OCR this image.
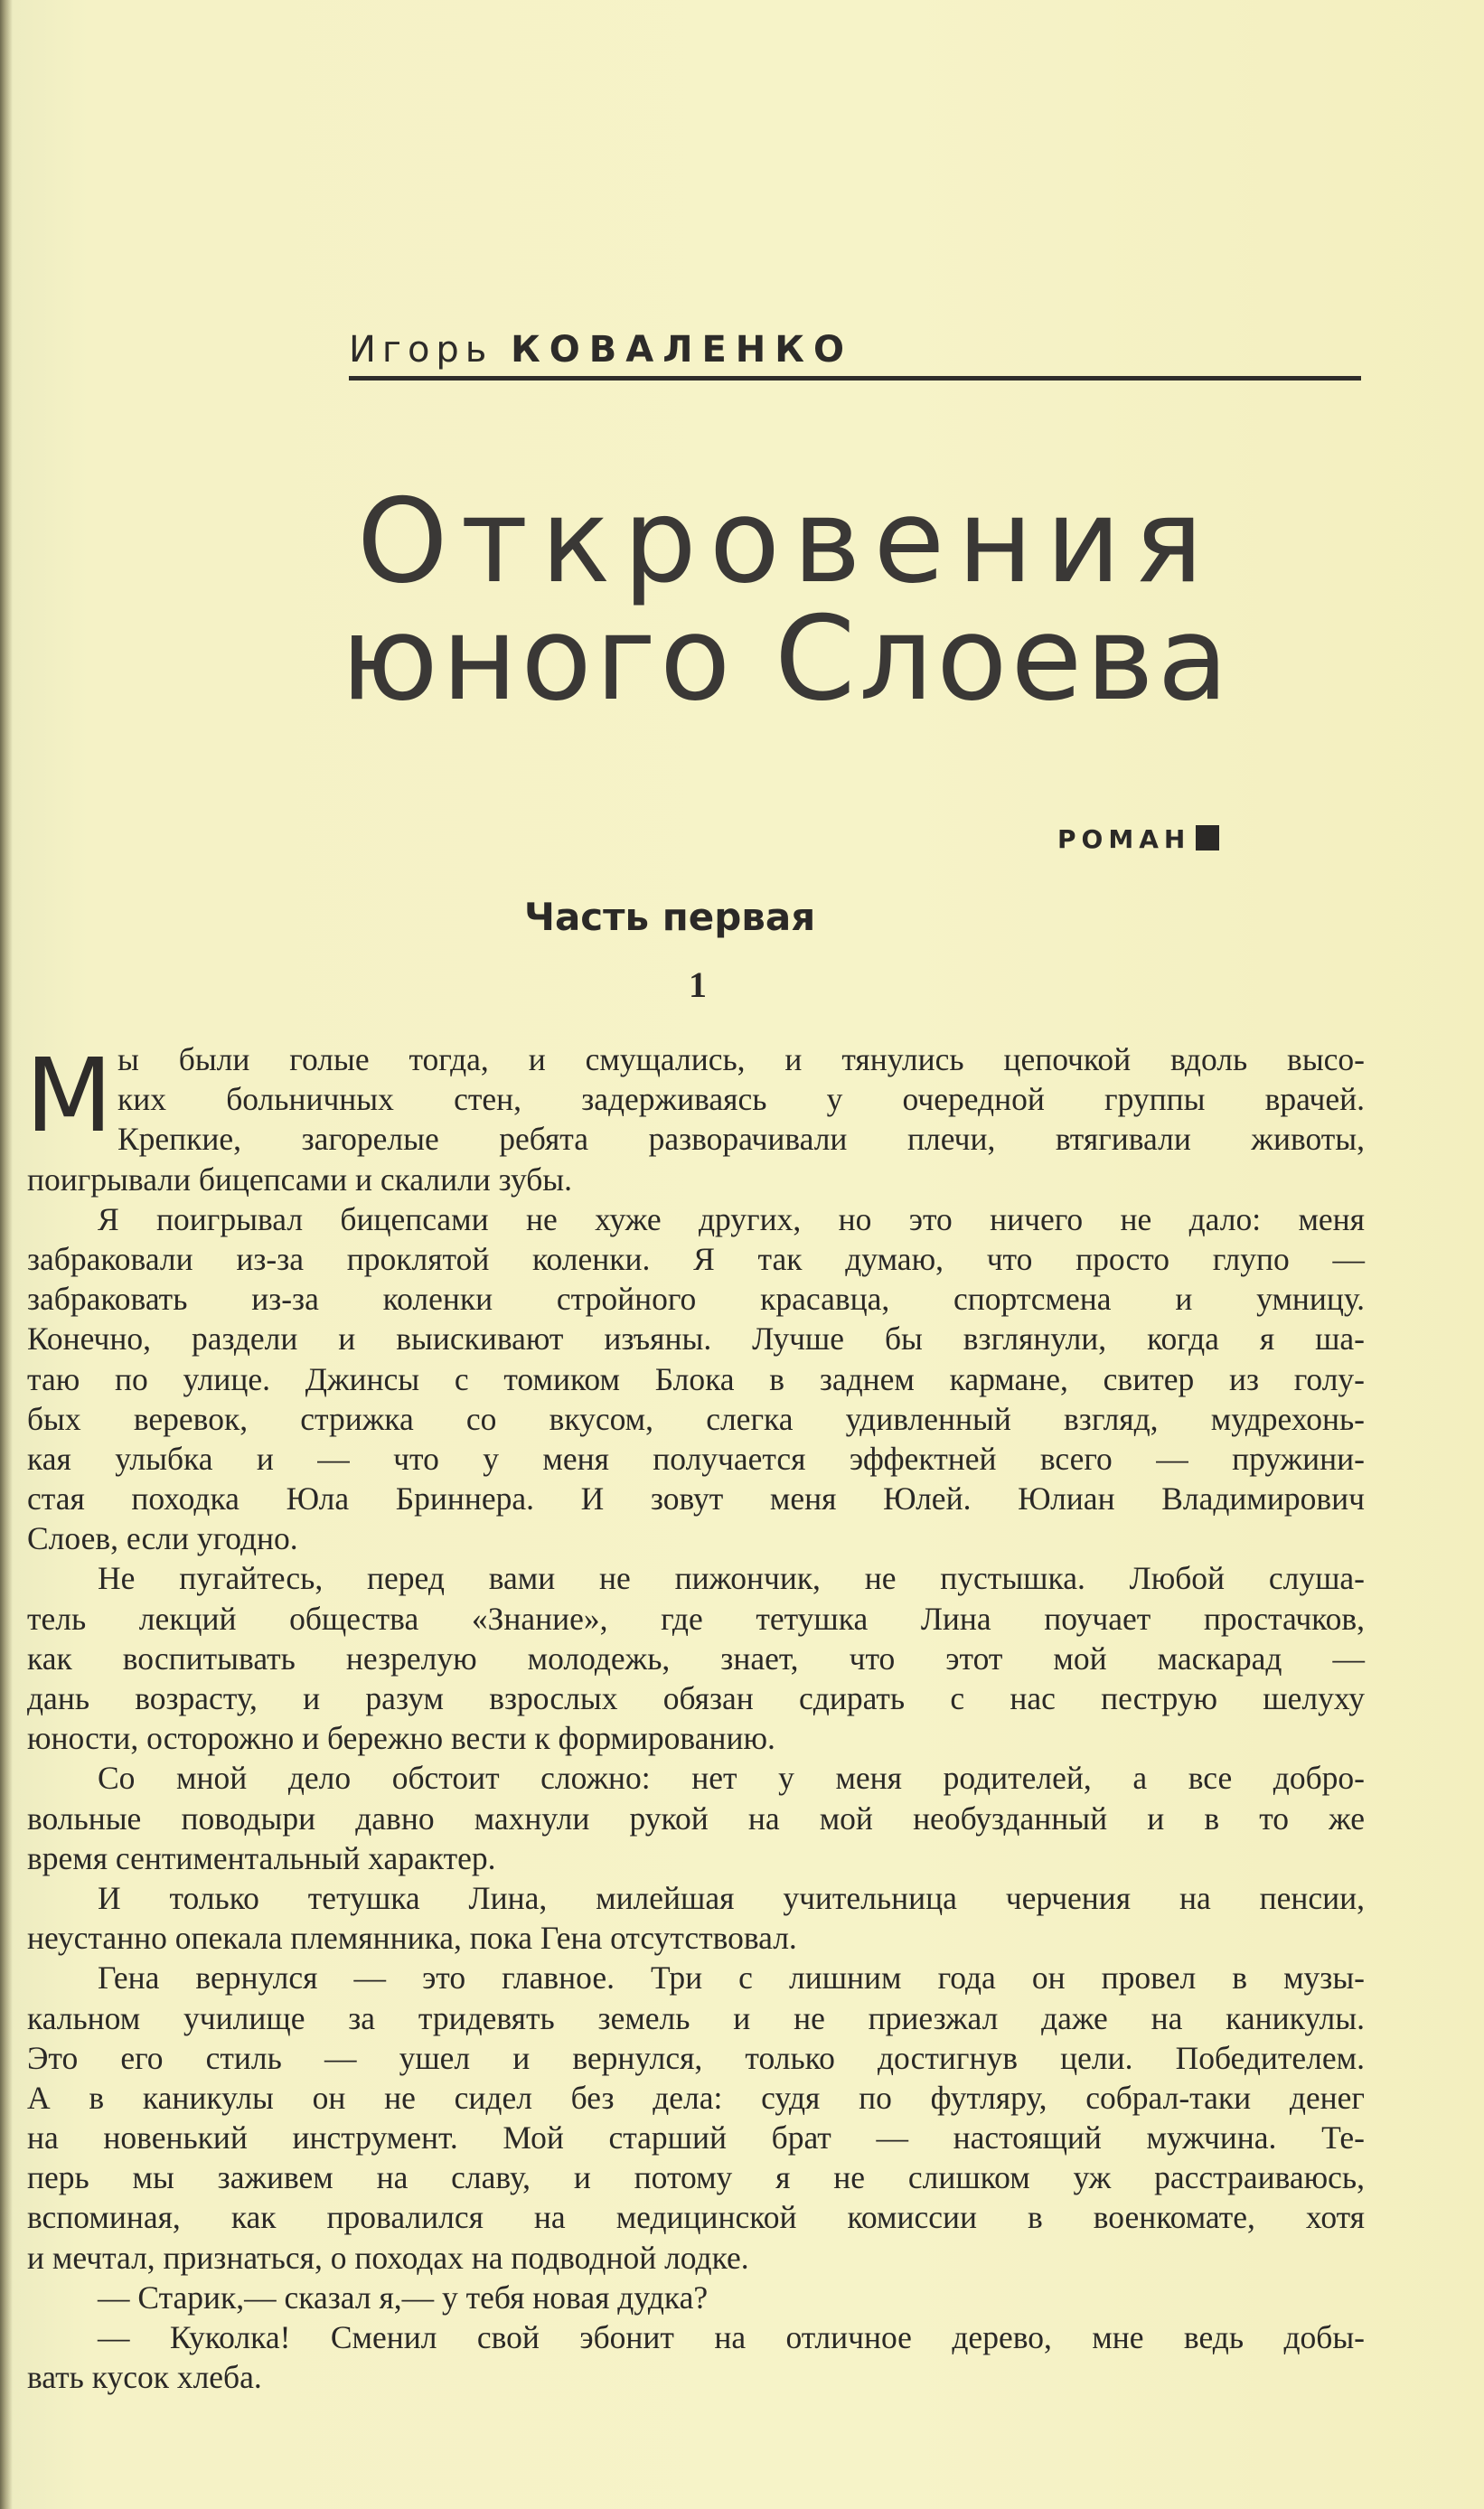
Игорь КОВАЛЕНКО
Откровения
юного Слоева
РОМАН
Часть первая
1
М ы были голые тогда, и смущались, и тянулись цепочкой вдоль высо-
ких больничных стен, задерживаясь у очередной группы врачей.
Крепкие, загорелые ребята разворачивали плечи, втягивали животы,
поигрывали бицепсами и скалили зубы.
Я поигрывал бицепсами не хуже других, но это ничего не дало: меня
забраковали из-за проклятой коленки. Я так думаю, что просто глупо —
забраковать из-за коленки стройного красавца, спортсмена и умницу.
Конечно, раздели и выискивают изъяны. Лучше бы взглянули, когда я ша-
таю по улице. Джинсы с томиком Блока в заднем кармане, свитер из голу-
бых веревок, стрижка со вкусом, слегка удивленный взгляд, мудрехонь-
кая улыбка и — что у меня получается эффектней всего — пружини-
стая походка Юла Бриннера. И зовут меня Юлей. Юлиан Владимирович
Слоев, если угодно.
Не пугайтесь, перед вами не пижончик, не пустышка. Любой слуша-
тель лекций общества «Знание», где тетушка Лина поучает простачков,
как воспитывать незрелую молодежь, знает, что этот мой маскарад —
дань возрасту, и разум взрослых обязан сдирать с нас пеструю шелуху
юности, осторожно и бережно вести к формированию.
Со мной дело обстоит сложно: нет у меня родителей, а все добро-
вольные поводыри давно махнули рукой на мой необузданный и в то же
время сентиментальный характер.
И только тетушка Лина, милейшая учительница черчения на пенсии,
неустанно опекала племянника, пока Гена отсутствовал.
Гена вернулся — это главное. Три с лишним года он провел в музы-
кальном училище за тридевять земель и не приезжал даже на каникулы.
Это его стиль — ушел и вернулся, только достигнув цели. Победителем.
А в каникулы он не сидел без дела: судя по футляру, собрал-таки денег
на новенький инструмент. Мой старший брат — настоящий мужчина. Те-
перь мы заживем на славу, и потому я не слишком уж расстраиваюсь,
вспоминая, как провалился на медицинской комиссии в военкомате, хотя
и мечтал, признаться, о походах на подводной лодке.
— Старик,— сказал я,— у тебя новая дудка?
— Куколка! Сменил свой эбонит на отличное дерево, мне ведь добы-
вать кусок хлеба.
